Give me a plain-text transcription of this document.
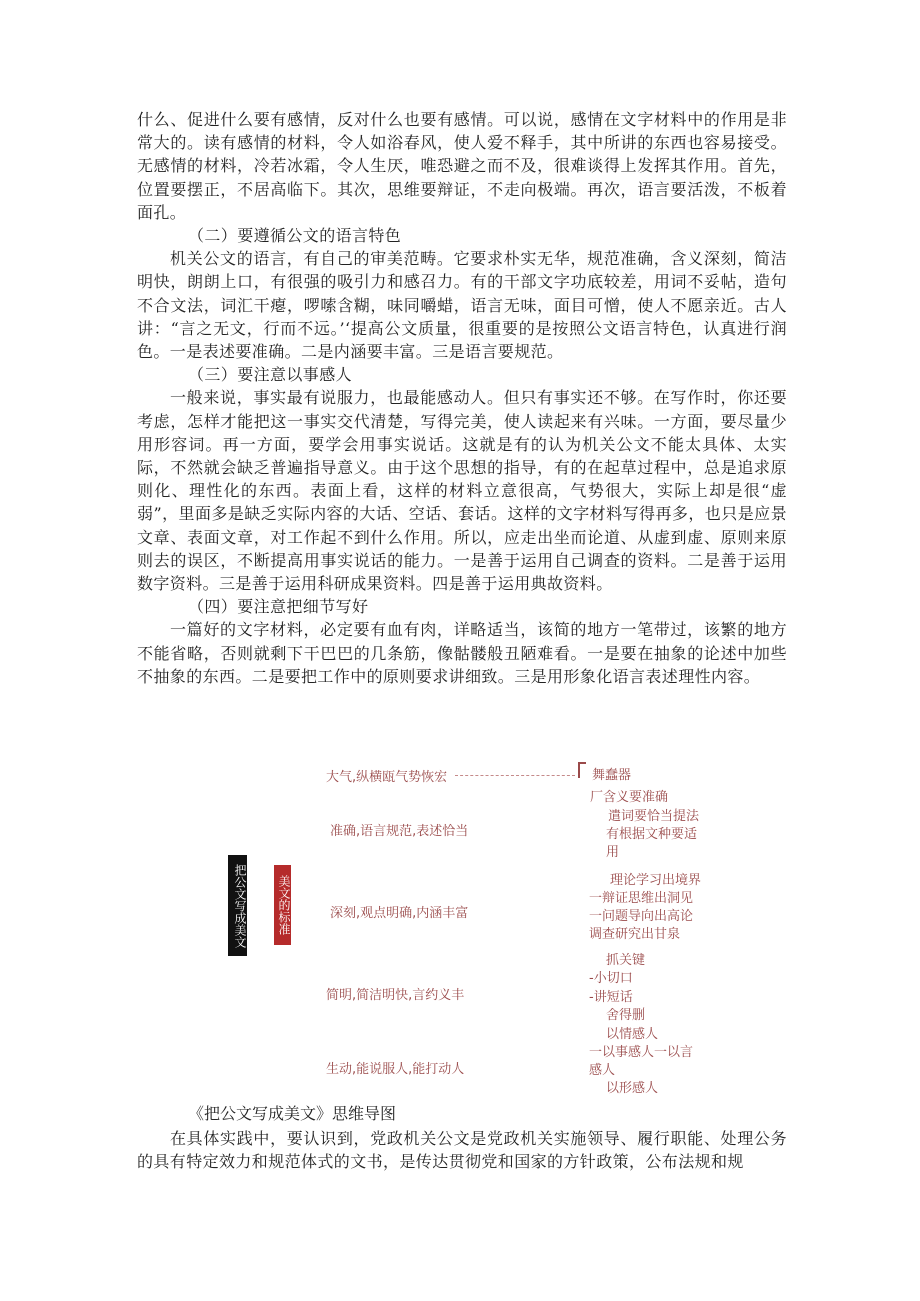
什么、促进什么要有感情，反对什么也要有感情。可以说，感情在文字材料中的作用是非常大的。读有感情的材料，令人如浴春风，使人爱不释手，其中所讲的东西也容易接受。无感情的材料，冷若冰霜，令人生厌，唯恐避之而不及，很难谈得上发挥其作用。首先，位置要摆正，不居高临下。其次，思维要辩证，不走向极端。再次，语言要活泼，不板着面孔。

（二）要遵循公文的语言特色

机关公文的语言，有自己的审美范畴。它要求朴实无华，规范准确，含义深刻，简洁明快，朗朗上口，有很强的吸引力和感召力。有的干部文字功底较差，用词不妥帖，造句不合文法，词汇干瘪，啰嗦含糊，味同嚼蜡，语言无味，面目可憎，使人不愿亲近。古人讲：“言之无文，行而不远。’‘提高公文质量，很重要的是按照公文语言特色，认真进行润色。一是表述要准确。二是内涵要丰富。三是语言要规范。

（三）要注意以事感人

一般来说，事实最有说服力，也最能感动人。但只有事实还不够。在写作时，你还要考虑，怎样才能把这一事实交代清楚，写得完美，使人读起来有兴味。一方面，要尽量少用形容词。再一方面，要学会用事实说话。这就是有的认为机关公文不能太具体、太实际，不然就会缺乏普遍指导意义。由于这个思想的指导，有的在起草过程中，总是追求原则化、理性化的东西。表面上看，这样的材料立意很高，气势很大，实际上却是很“虚弱”，里面多是缺乏实际内容的大话、空话、套话。这样的文字材料写得再多，也只是应景文章、表面文章，对工作起不到什么作用。所以，应走出坐而论道、从虚到虚、原则来原则去的误区，不断提高用事实说话的能力。一是善于运用自己调查的资料。二是善于运用数字资料。三是善于运用科研成果资料。四是善于运用典故资料。

（四）要注意把细节写好

一篇好的文字材料，必定要有血有肉，详略适当，该简的地方一笔带过，该繁的地方不能省略，否则就剩下干巴巴的几条筋，像骷髅般丑陋难看。一是要在抽象的论述中加些不抽象的东西。二是要把工作中的原则要求讲细致。三是用形象化语言表述理性内容。

把公文写成美文	美文的标准
大气,纵横瓯气势恢宏	舞蠢器
准确,语言规范,表述恰当
厂含义要准确
遣词要恰当提法
有根据文种要适
用
深刻,观点明确,内涵丰富
理论学习出境界
一辩证思维出洞见
一问题导向出高论
调查研究出甘泉
简明,简洁明快,言约义丰
抓关键
-小切口
-讲短话
舍得删
生动,能说服人,能打动人
以情感人
一以事感人一以言
感人
以形感人
《把公文写成美文》思维导图

在具体实践中，要认识到，党政机关公文是党政机关实施领导、履行职能、处理公务的具有特定效力和规范体式的文书，是传达贯彻党和国家的方针政策，公布法规和规
